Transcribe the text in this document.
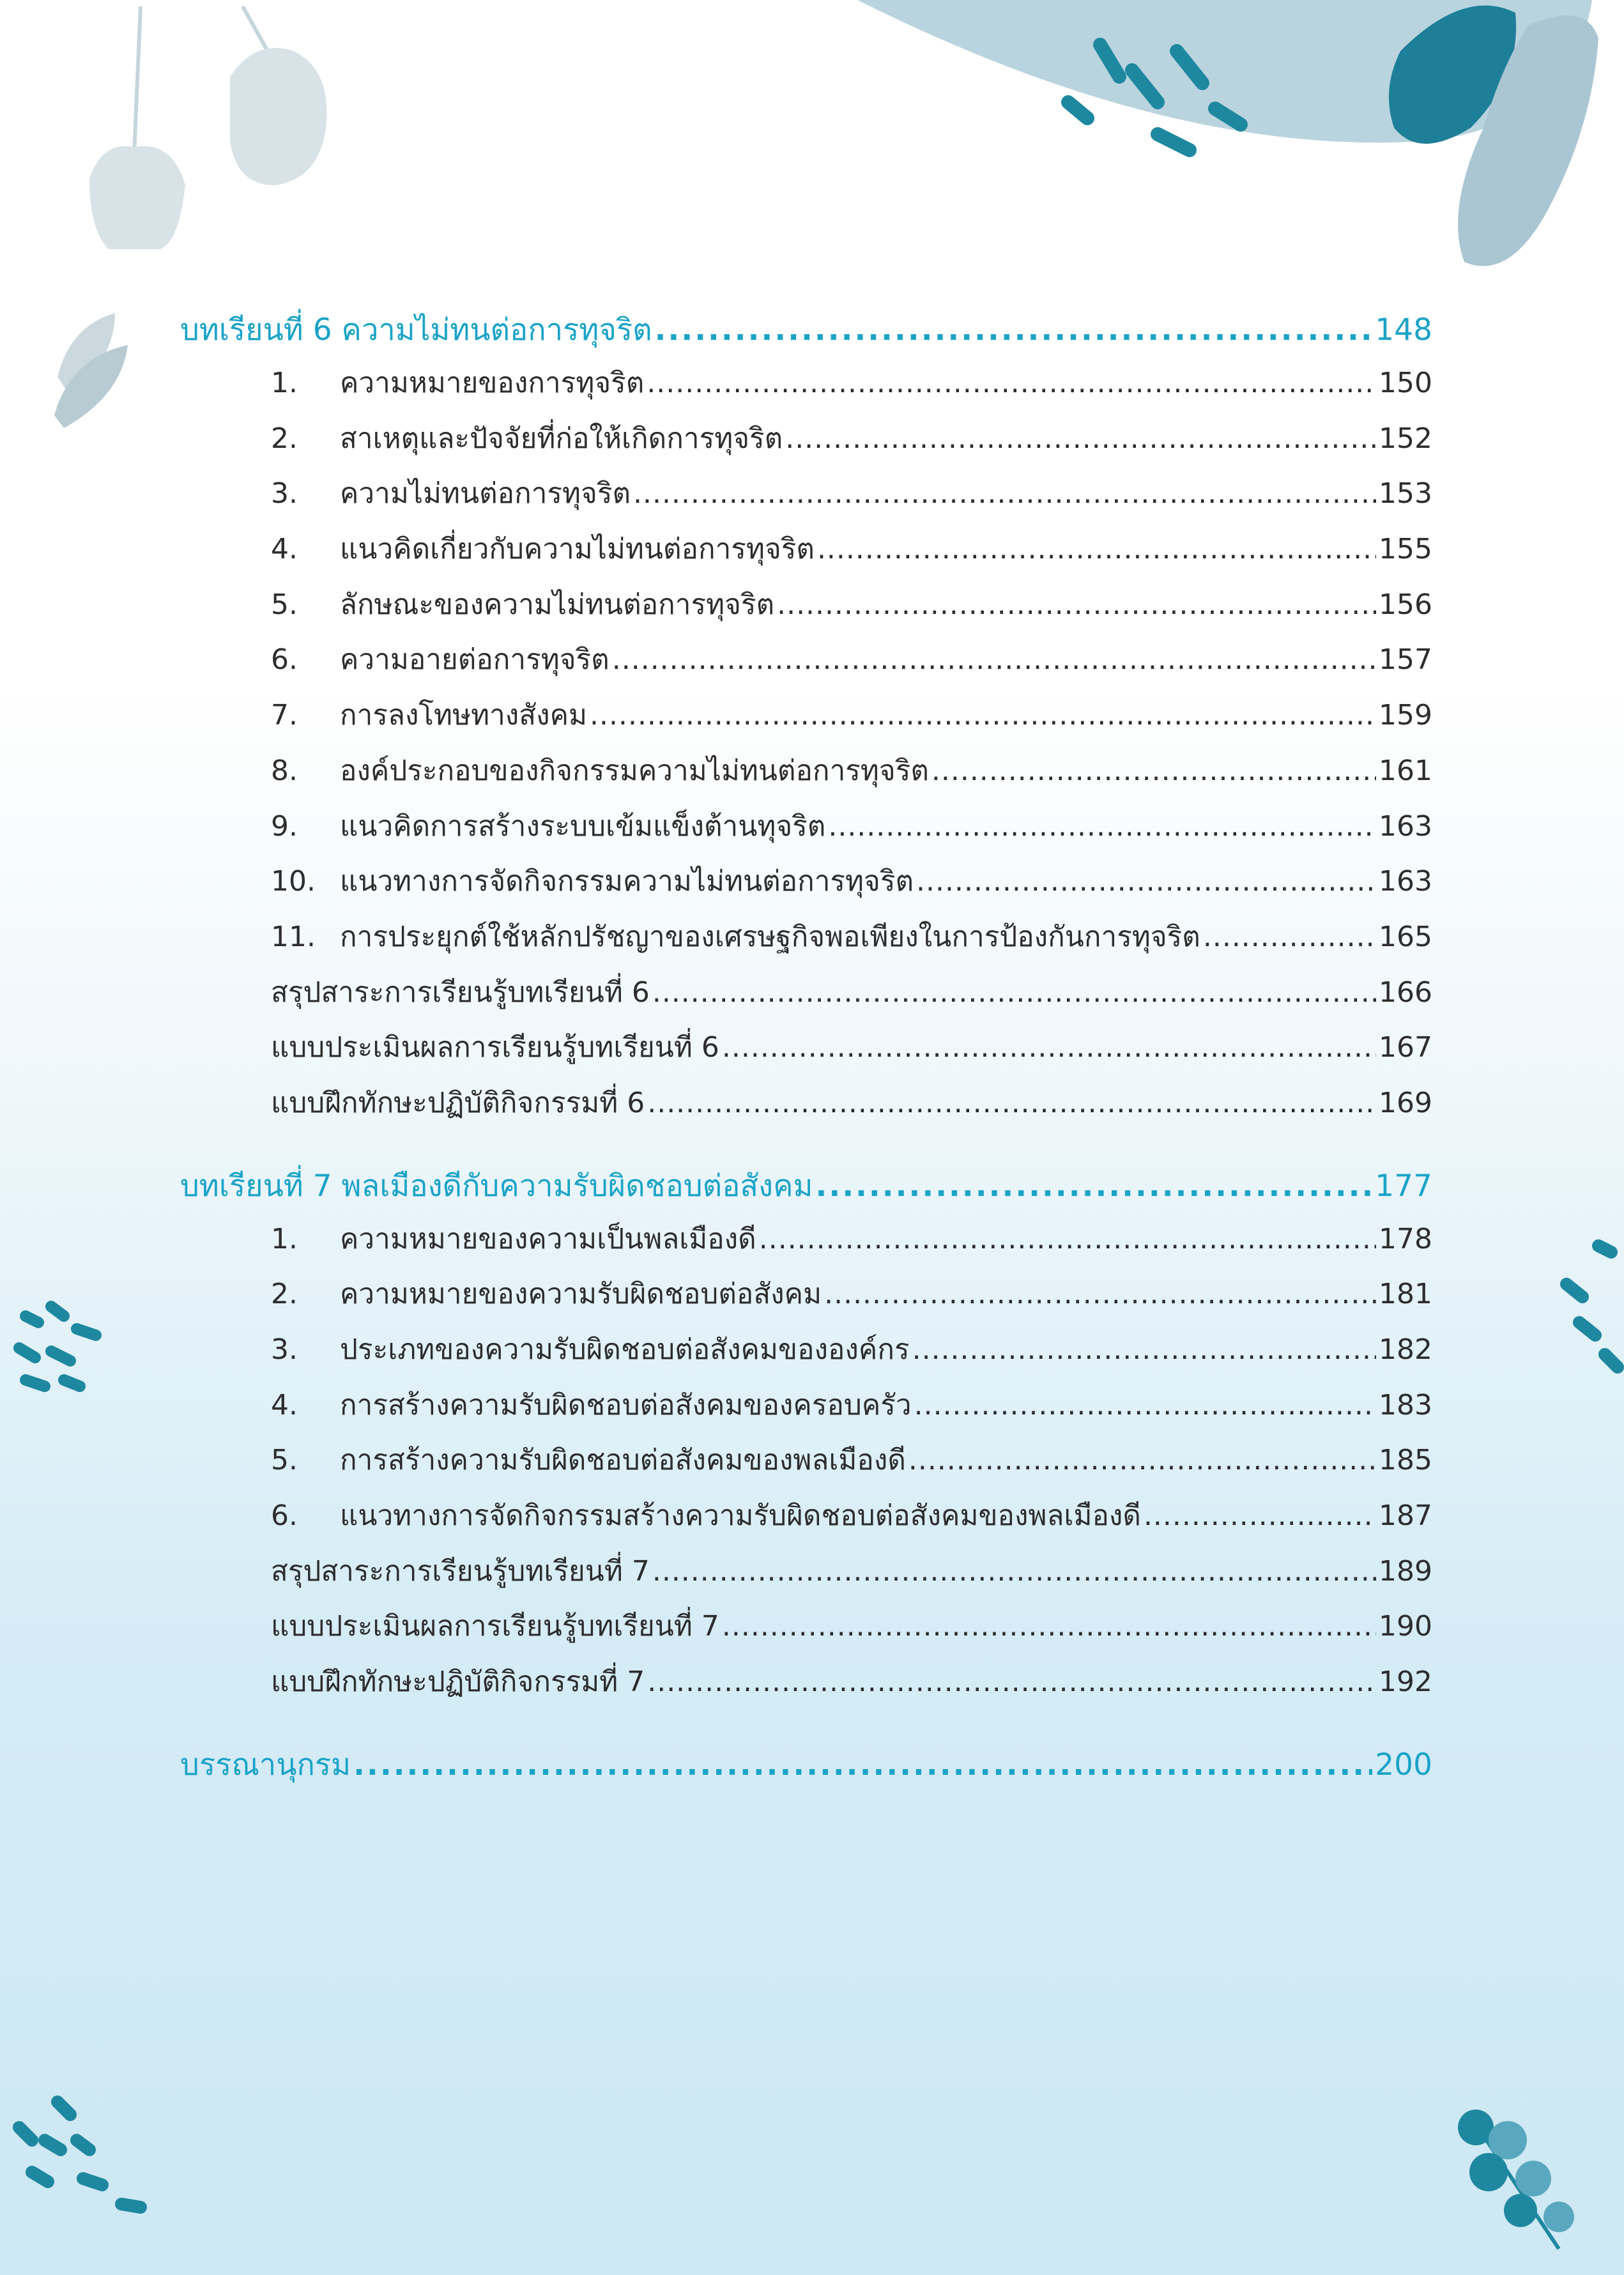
บทเรียนที่ 6 ความไม่ทนต่อการทุจริต .....	148
1.	ความหมายของการทุจริต .....	150
2.	สาเหตุและปัจจัยที่ก่อให้เกิดการทุจริต .....	152
3.	ความไม่ทนต่อการทุจริต .....	153
4.	แนวคิดเกี่ยวกับความไม่ทนต่อการทุจริต .....	155
5.	ลักษณะของความไม่ทนต่อการทุจริต .....	156
6.	ความอายต่อการทุจริต .....	157
7.	การลงโทษทางสังคม .....	159
8.	องค์ประกอบของกิจกรรมความไม่ทนต่อการทุจริต .....	161
9.	แนวคิดการสร้างระบบเข้มแข็งต้านทุจริต .....	163
10. แนวทางการจัดกิจกรรมความไม่ทนต่อการทุจริต .....	163
11. การประยุกต์ใช้หลักปรัชญาของเศรษฐกิจพอเพียงในการป้องกันการทุจริต .....	165
สรุปสาระการเรียนรู้บทเรียนที่ 6 .....	166
แบบประเมินผลการเรียนรู้บทเรียนที่ 6 .....	167
แบบฝึกทักษะปฏิบัติกิจกรรมที่ 6 .....	169
บทเรียนที่ 7 พลเมืองดีกับความรับผิดชอบต่อสังคม .....	177
1.	ความหมายของความเป็นพลเมืองดี .....	178
2.	ความหมายของความรับผิดชอบต่อสังคม .....	181
3.	ประเภทของความรับผิดชอบต่อสังคมขององค์กร .....	182
4.	การสร้างความรับผิดชอบต่อสังคมของครอบครัว .....	183
5.	การสร้างความรับผิดชอบต่อสังคมของพลเมืองดี .....	185
6.	แนวทางการจัดกิจกรรมสร้างความรับผิดชอบต่อสังคมของพลเมืองดี .....	187
สรุปสาระการเรียนรู้บทเรียนที่ 7 .....	189
แบบประเมินผลการเรียนรู้บทเรียนที่ 7 .....	190
แบบฝึกทักษะปฏิบัติกิจกรรมที่ 7 .....	192
บรรณานุกรม .....	200
